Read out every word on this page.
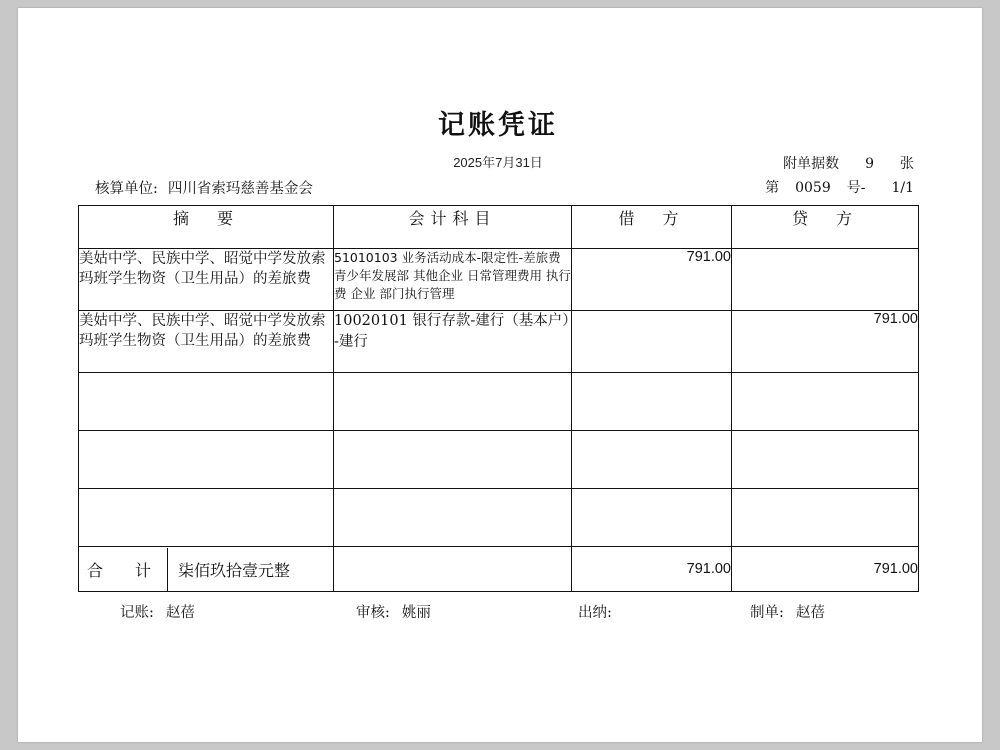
记账凭证
2025年7月31日	附单据数 9 张
核算单位: 四川省索玛慈善基金会	第 0059 号- 1/1
摘　要	会计科目	借　方	贷　方
美姑中学、民族中学、昭觉中学发放索玛班学生物资（卫生用品）的差旅费	51010103 业务活动成本-限定性-差旅费 青少年发展部 其他企业 日常管理费用 执行费 企业 部门执行管理	791.00	
美姑中学、民族中学、昭觉中学发放索玛班学生物资（卫生用品）的差旅费	10020101 银行存款-建行（基本户）-建行		791.00

合　计 柒佰玖拾壹元整		791.00	791.00
记账: 赵蓓	审核: 姚丽	出纳:	制单: 赵蓓
